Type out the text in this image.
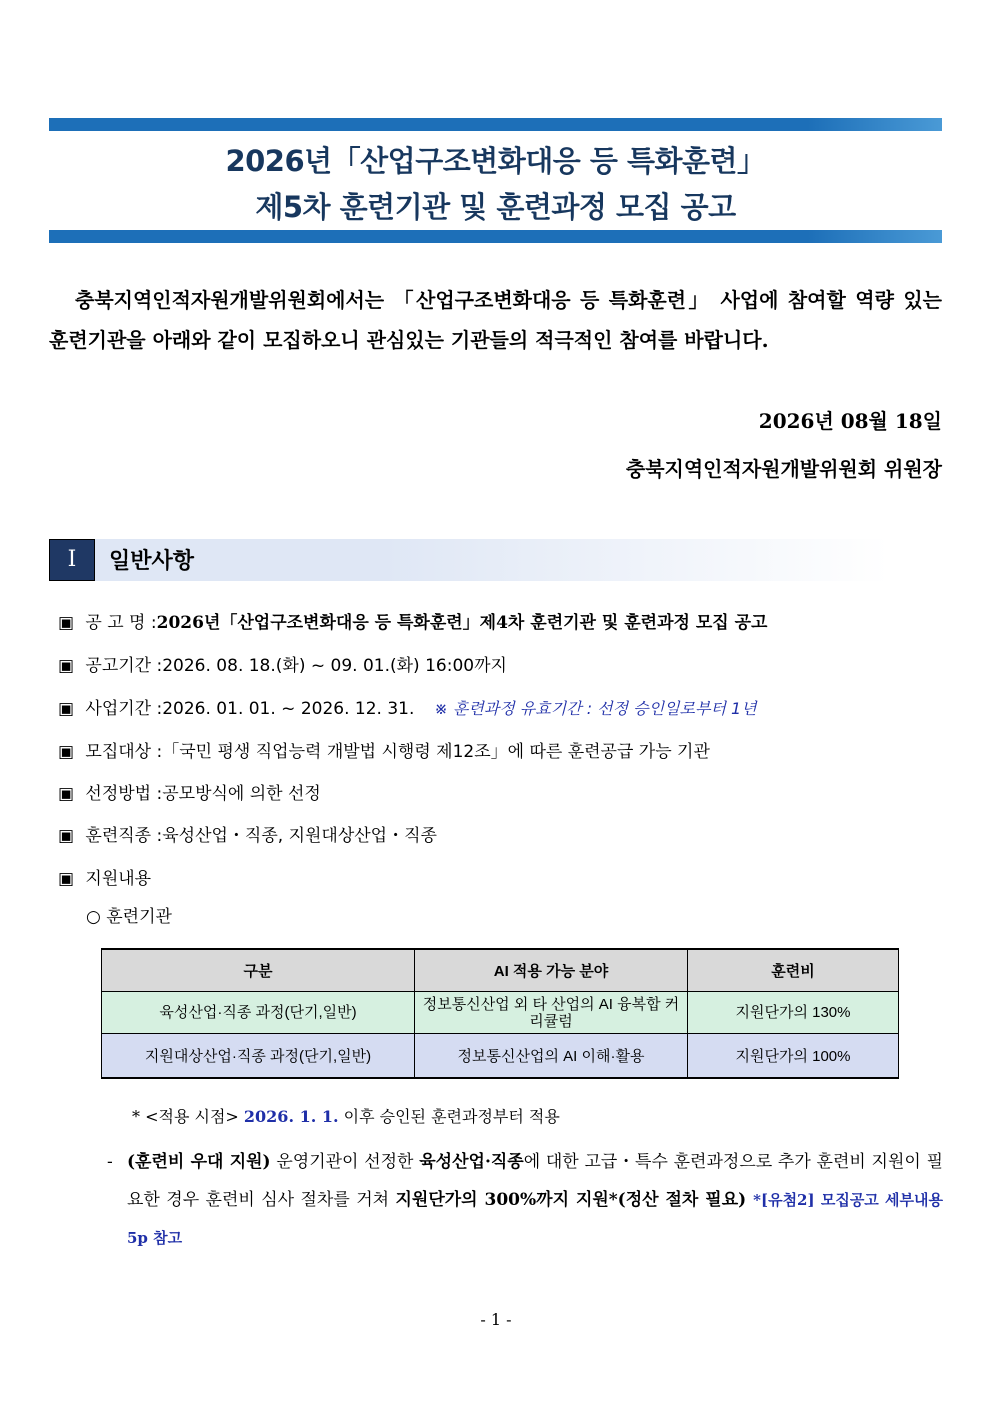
2026년「산업구조변화대응 등 특화훈련」
제5차 훈련기관 및 훈련과정 모집 공고

충북지역인적자원개발위원회에서는 「산업구조변화대응 등 특화훈련」 사업에 참여할 역량 있는 훈련기관을 아래와 같이 모집하오니 관심있는 기관들의 적극적인 참여를 바랍니다.

2026년 08월 18일
충북지역인적자원개발위원회 위원장
Ⅰ	일반사항
▣ 공 고 명 :2026년「산업구조변화대응 등 특화훈련」제4차 훈련기관 및 훈련과정 모집 공고
▣ 공고기간 :2026. 08. 18.(화) ~ 09. 01.(화) 16:00까지
▣ 사업기간 :2026. 01. 01. ~ 2026. 12. 31. ※ 훈련과정 유효기간 : 선정 승인일로부터 1년
▣ 모집대상 :「국민 평생 직업능력 개발법 시행령 제12조」에 따른 훈련공급 가능 기관
▣ 선정방법 :공모방식에 의한 선정
▣ 훈련직종 :육성산업・직종, 지원대상산업・직종
▣ 지원내용
○ 훈련기관
구분	AI 적용 가능 분야	훈련비
육성산업·직종 과정(단기,일반)	정보통신산업 외 타 산업의 AI 융복합 커리큘럼	지원단가의 130%
지원대상산업·직종 과정(단기,일반)	정보통신산업의 AI 이해·활용	지원단가의 100%
* <적용 시점> 2026. 1. 1. 이후 승인된 훈련과정부터 적용
- (훈련비 우대 지원) 운영기관이 선정한 육성산업·직종에 대한 고급・특수 훈련과정으로 추가 훈련비 지원이 필요한 경우 훈련비 심사 절차를 거쳐 지원단가의 300%까지 지원*(정산 절차 필요) *[유첨2] 모집공고 세부내용 5p 참고
- 1 -
